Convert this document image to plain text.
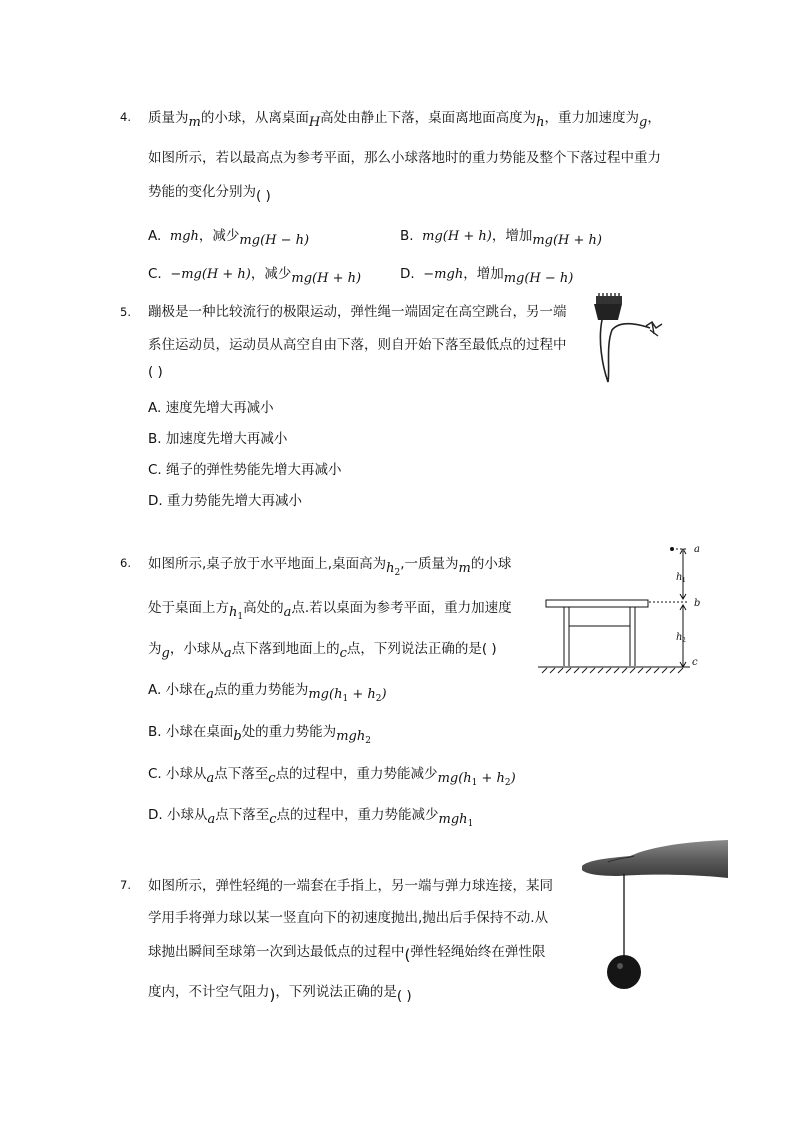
4. 质量为m的小球，从离桌面H高处由静止下落，桌面离地面高度为h，重力加速度为g，
如图所示，若以最高点为参考平面，那么小球落地时的重力势能及整个下落过程中重力
势能的变化分别为( )
A. mgh，减少mg(H − h)	B. mg(H + h)，增加mg(H + h)
C. −mg(H + h)，减少mg(H + h)	D. −mgh，增加mg(H − h)
5. 蹦极是一种比较流行的极限运动，弹性绳一端固定在高空跳台，另一端
系住运动员，运动员从高空自由下落，则自开始下落至最低点的过程中
( )
A. 速度先增大再减小
B. 加速度先增大再减小
C. 绳子的弹性势能先增大再减小
D. 重力势能先增大再减小
6. 如图所示,桌子放于水平地面上,桌面高为$h_2$,一质量为m的小球
处于桌面上方$h_1$高处的a点.若以桌面为参考平面，重力加速度
为g，小球从a点下落到地面上的c点，下列说法正确的是( )
A. 小球在a点的重力势能为$mg(h_1 + h_2)$
B. 小球在桌面b处的重力势能为mgh$_2$
C. 小球从a点下落至c点的过程中，重力势能减少$mg(h_1 + h_2)$
D. 小球从a点下落至c点的过程中，重力势能减少mgh$_1$
a
b
c
h 1
h 2
7. 如图所示，弹性轻绳的一端套在手指上，另一端与弹力球连接，某同
学用手将弹力球以某一竖直向下的初速度抛出,抛出后手保持不动.从
球抛出瞬间至球第一次到达最低点的过程中(弹性轻绳始终在弹性限
度内，不计空气阻力)，下列说法正确的是( )
